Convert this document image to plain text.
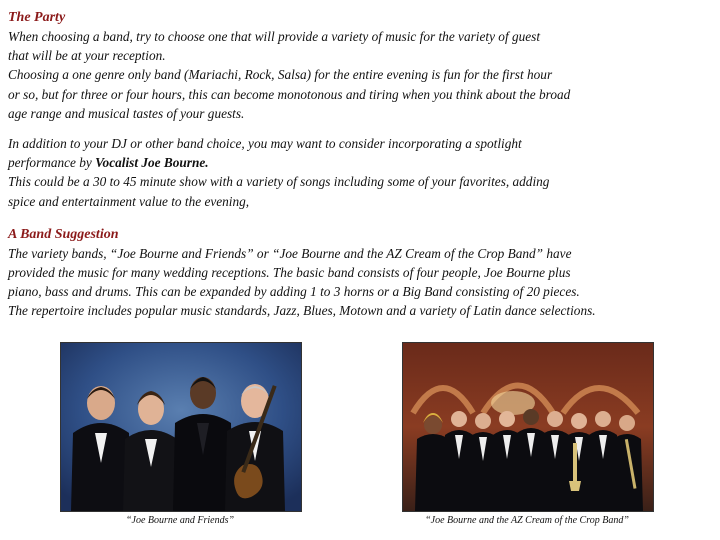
The Party

When choosing a band, try to choose one that will provide a variety of music for the variety of guest

that will be at your reception.

Choosing a one genre only band (Mariachi, Rock, Salsa) for the entire evening is fun for the first hour

or so, but for three or four hours, this can become monotonous and tiring when you think about the broad

age range and musical tastes of your guests.

In addition to your DJ or other band choice, you may want to consider incorporating a spotlight

performance by Vocalist Joe Bourne.

This could be a 30 to 45 minute show with a variety of songs including some of your favorites, adding

spice and entertainment value to the evening,

A Band Suggestion

The variety bands, “Joe Bourne and Friends” or “Joe Bourne and the AZ Cream of the Crop Band” have

provided the music for many wedding receptions. The basic band consists of four people, Joe Bourne plus

piano, bass and drums. This can be expanded by adding 1 to 3 horns or a Big Band consisting of 20 pieces.

The repertoire includes popular music standards, Jazz, Blues, Motown and a variety of Latin dance selections.

“Joe Bourne and Friends”	“Joe Bourne and the AZ Cream of the Crop Band”
